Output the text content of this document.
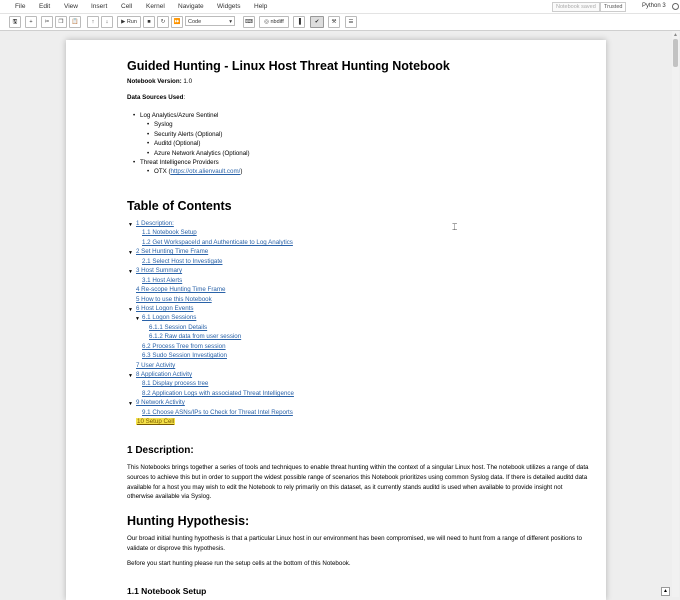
File Edit View Insert Cell Kernel Navigate Widgets Help	Notebook saved	Trusted	Python 3
🖫	+	✂	❐	📋	↑	↓	▶ Run	■	↻	⏩	Code	▾	⌨	◎ nbdiff	▐	✔	⚒	☰
Guided Hunting - Linux Host Threat Hunting Notebook
Notebook Version: 1.0
Data Sources Used:
• Log Analytics/Azure Sentinel
• Syslog
• Security Alerts (Optional)
• Auditd (Optional)
• Azure Network Analytics (Optional)
• Threat Intelligence Providers
• OTX (https://otx.alienvault.com/)
Table of Contents
▼ 1 Description:
1.1 Notebook Setup
1.2 Get WorkspaceId and Authenticate to Log Analytics
▼ 2 Set Hunting Time Frame
2.1 Select Host to Investigate
▼ 3 Host Summary
3.1 Host Alerts
4 Re-scope Hunting Time Frame
5 How to use this Notebook
▼ 6 Host Logon Events
▼ 6.1 Logon Sessions
6.1.1 Session Details
6.1.2 Raw data from user session
6.2 Process Tree from session
6.3 Sudo Session Investigation
7 User Activity
▼ 8 Application Activity
8.1 Display process tree
8.2 Application Logs with associated Threat Intelligence
▼ 9 Network Activity
9.1 Choose ASNs/IPs to Check for Threat Intel Reports
10 Setup Cell
1 Description:
This Notebooks brings together a series of tools and techniques to enable threat hunting within the context of a singular Linux host. The notebook utilizes a range of data sources to achieve this but in order to support the widest possible range of scenarios this Notebook prioritizes using common Syslog data. If there is detailed auditd data available for a host you may wish to edit the Notebook to rely primarily on this dataset, as it currently stands auditd is used when available to provide insight not otherwise available via Syslog.
Hunting Hypothesis:
Our broad initial hunting hypothesis is that a particular Linux host in our environment has been compromised, we will need to hunt from a range of different positions to validate or disprove this hypothesis.
Before you start hunting please run the setup cells at the bottom of this Notebook.
1.1 Notebook Setup
⌶
▲
▲
